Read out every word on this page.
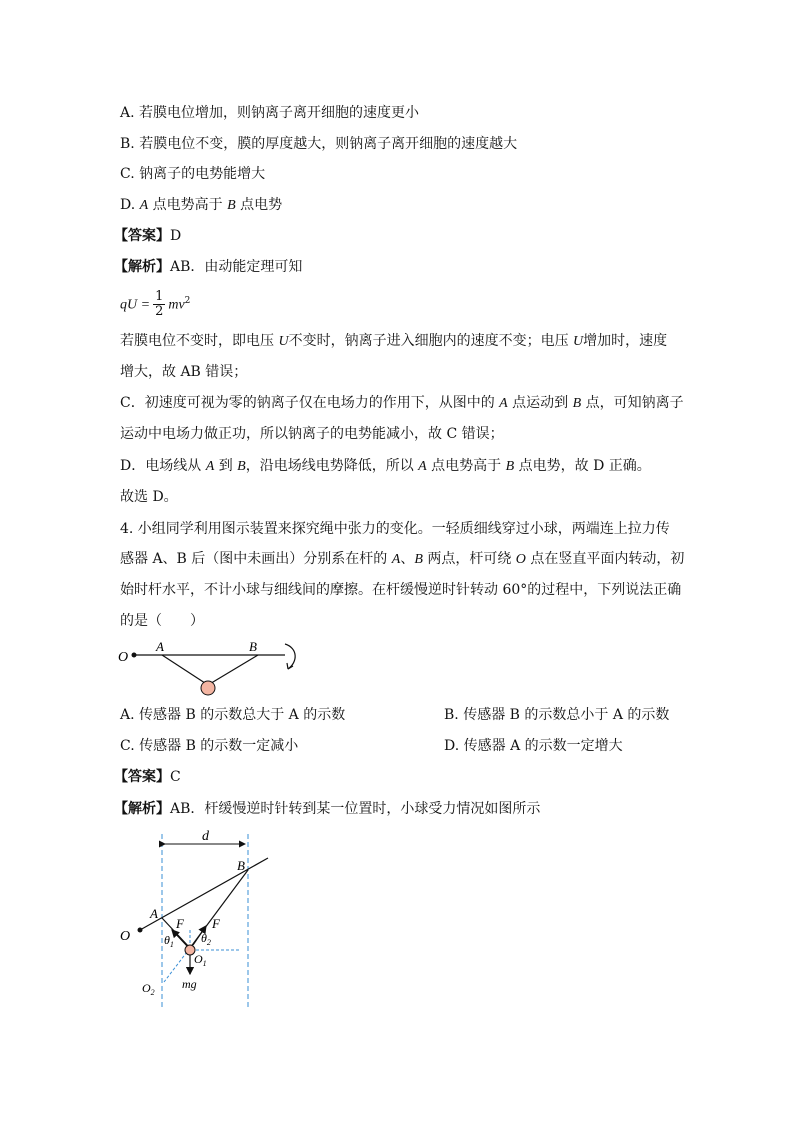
A. 若膜电位增加，则钠离子离开细胞的速度更小
B. 若膜电位不变，膜的厚度越大，则钠离子离开细胞的速度越大
C. 钠离子的电势能增大
D. A 点电势高于 B 点电势
【答案】D
【解析】AB．由动能定理可知
qU = $\frac{1}{2} mv^2$
若膜电位不变时，即电压 U不变时，钠离子进入细胞内的速度不变；电压 U增加时，速度
增大，故 AB 错误；
C．初速度可视为零的钠离子仅在电场力的作用下，从图中的 A 点运动到 B 点，可知钠离子
运动中电场力做正功，所以钠离子的电势能减小，故 C 错误；
D．电场线从 A 到 B，沿电场线电势降低，所以 A 点电势高于 B 点电势，故 D 正确。
故选 D。
4. 小组同学利用图示装置来探究绳中张力的变化。一轻质细线穿过小球，两端连上拉力传
感器 A、B 后（图中未画出）分别系在杆的 A、B 两点，杆可绕 O 点在竖直平面内转动，初
始时杆水平，不计小球与细线间的摩擦。在杆缓慢逆时针转动 60°的过程中，下列说法正确
的是（　　）
O
A	B
A. 传感器 B 的示数总大于 A 的示数	B. 传感器 B 的示数总小于 A 的示数
C. 传感器 B 的示数一定减小	D. 传感器 A 的示数一定增大
【答案】C
【解析】AB．杆缓慢逆时针转到某一位置时，小球受力情况如图所示
d
O
A
B
F F
$\theta_1$ $\theta_2$
$O_1$
$O_2$
mg
